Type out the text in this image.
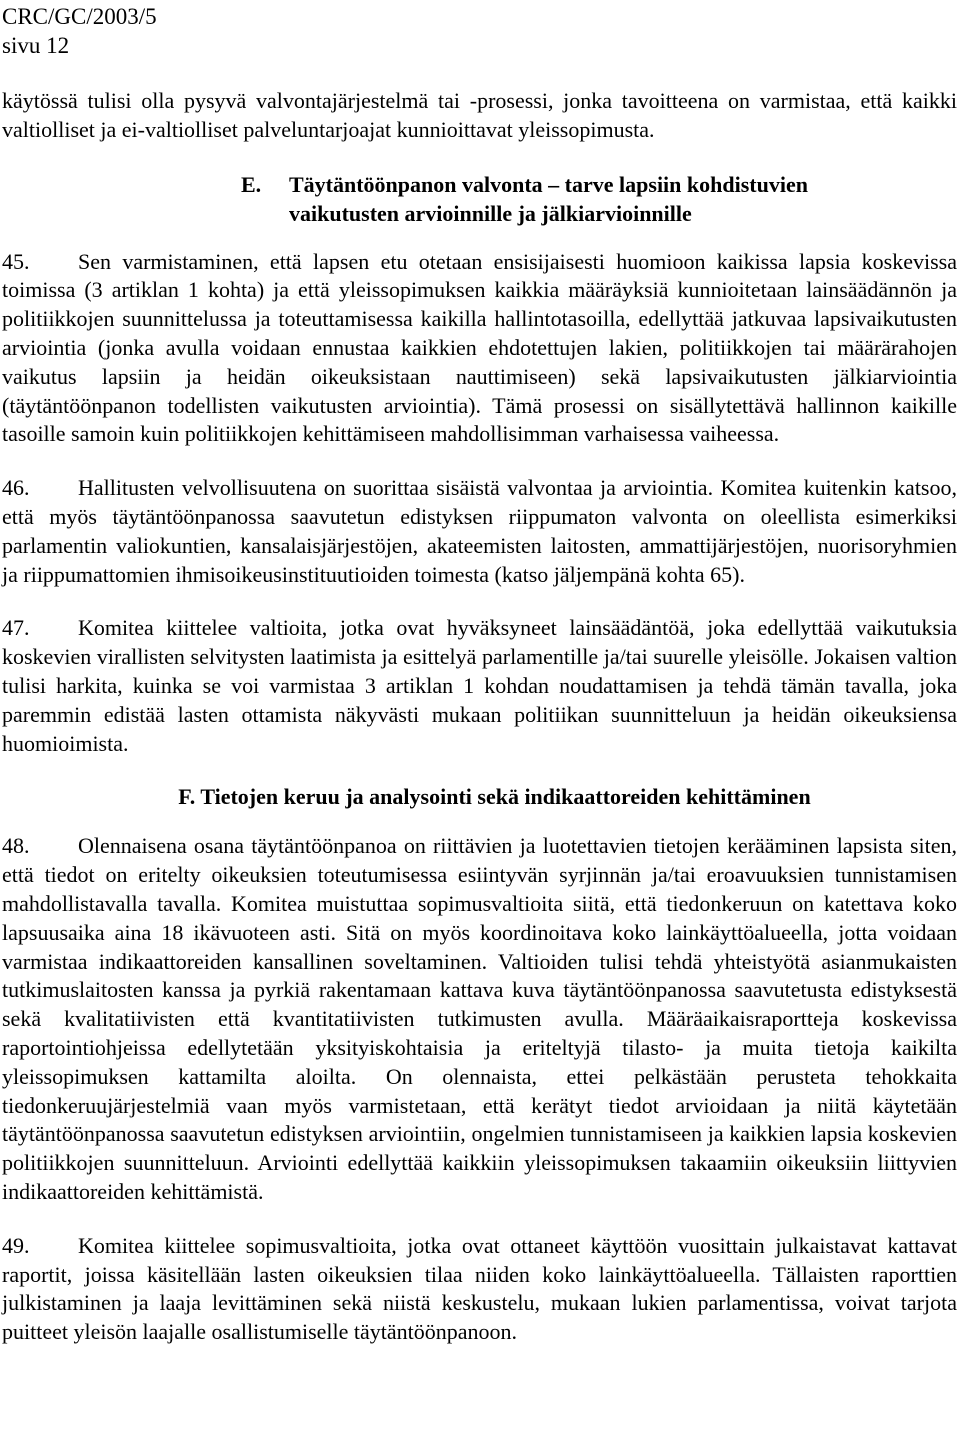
CRC/GC/2003/5
sivu 12

käytössä tulisi olla pysyvä valvontajärjestelmä tai -prosessi, jonka tavoitteena on varmistaa, että kaikki valtiolliset ja ei-valtiolliset palveluntarjoajat kunnioittavat yleissopimusta.

E. Täytäntöönpanon valvonta – tarve lapsiin kohdistuvien
vaikutusten arvioinnille ja jälkiarvioinnille

45. Sen varmistaminen, että lapsen etu otetaan ensisijaisesti huomioon kaikissa lapsia koskevissa toimissa (3 artiklan 1 kohta) ja että yleissopimuksen kaikkia määräyksiä kunnioitetaan lainsäädännön ja politiikkojen suunnittelussa ja toteuttamisessa kaikilla hallintotasoilla, edellyttää jatkuvaa lapsivaikutusten arviointia (jonka avulla voidaan ennustaa kaikkien ehdotettujen lakien, politiikkojen tai määrärahojen vaikutus lapsiin ja heidän oikeuksistaan nauttimiseen) sekä lapsivaikutusten jälkiarviointia (täytäntöönpanon todellisten vaikutusten arviointia). Tämä prosessi on sisällytettävä hallinnon kaikille tasoille samoin kuin politiikkojen kehittämiseen mahdollisimman varhaisessa vaiheessa.

46. Hallitusten velvollisuutena on suorittaa sisäistä valvontaa ja arviointia. Komitea kuitenkin katsoo, että myös täytäntöönpanossa saavutetun edistyksen riippumaton valvonta on oleellista esimerkiksi parlamentin valiokuntien, kansalaisjärjestöjen, akateemisten laitosten, ammattijärjestöjen, nuorisoryhmien ja riippumattomien ihmisoikeusinstituutioiden toimesta (katso jäljempänä kohta 65).

47. Komitea kiittelee valtioita, jotka ovat hyväksyneet lainsäädäntöä, joka edellyttää vaikutuksia koskevien virallisten selvitysten laatimista ja esittelyä parlamentille ja/tai suurelle yleisölle. Jokaisen valtion tulisi harkita, kuinka se voi varmistaa 3 artiklan 1 kohdan noudattamisen ja tehdä tämän tavalla, joka paremmin edistää lasten ottamista näkyvästi mukaan politiikan suunnitteluun ja heidän oikeuksiensa huomioimista.

F. Tietojen keruu ja analysointi sekä indikaattoreiden kehittäminen

48. Olennaisena osana täytäntöönpanoa on riittävien ja luotettavien tietojen kerääminen lapsista siten, että tiedot on eritelty oikeuksien toteutumisessa esiintyvän syrjinnän ja/tai eroavuuksien tunnistamisen mahdollistavalla tavalla. Komitea muistuttaa sopimusvaltioita siitä, että tiedonkeruun on katettava koko lapsuusaika aina 18 ikävuoteen asti. Sitä on myös koordinoitava koko lainkäyttöalueella, jotta voidaan varmistaa indikaattoreiden kansallinen soveltaminen. Valtioiden tulisi tehdä yhteistyötä asianmukaisten tutkimuslaitosten kanssa ja pyrkiä rakentamaan kattava kuva täytäntöönpanossa saavutetusta edistyksestä sekä kvalitatiivisten että kvantitatiivisten tutkimusten avulla. Määräaikaisraportteja koskevissa raportointiohjeissa edellytetään yksityiskohtaisia ja eriteltyjä tilasto- ja muita tietoja kaikilta yleissopimuksen kattamilta aloilta. On olennaista, ettei pelkästään perusteta tehokkaita tiedonkeruujärjestelmiä vaan myös varmistetaan, että kerätyt tiedot arvioidaan ja niitä käytetään täytäntöönpanossa saavutetun edistyksen arviointiin, ongelmien tunnistamiseen ja kaikkien lapsia koskevien politiikkojen suunnitteluun. Arviointi edellyttää kaikkiin yleissopimuksen takaamiin oikeuksiin liittyvien indikaattoreiden kehittämistä.

49. Komitea kiittelee sopimusvaltioita, jotka ovat ottaneet käyttöön vuosittain julkaistavat kattavat raportit, joissa käsitellään lasten oikeuksien tilaa niiden koko lainkäyttöalueella. Tällaisten raporttien julkistaminen ja laaja levittäminen sekä niistä keskustelu, mukaan lukien parlamentissa, voivat tarjota puitteet yleisön laajalle osallistumiselle täytäntöönpanoon.
